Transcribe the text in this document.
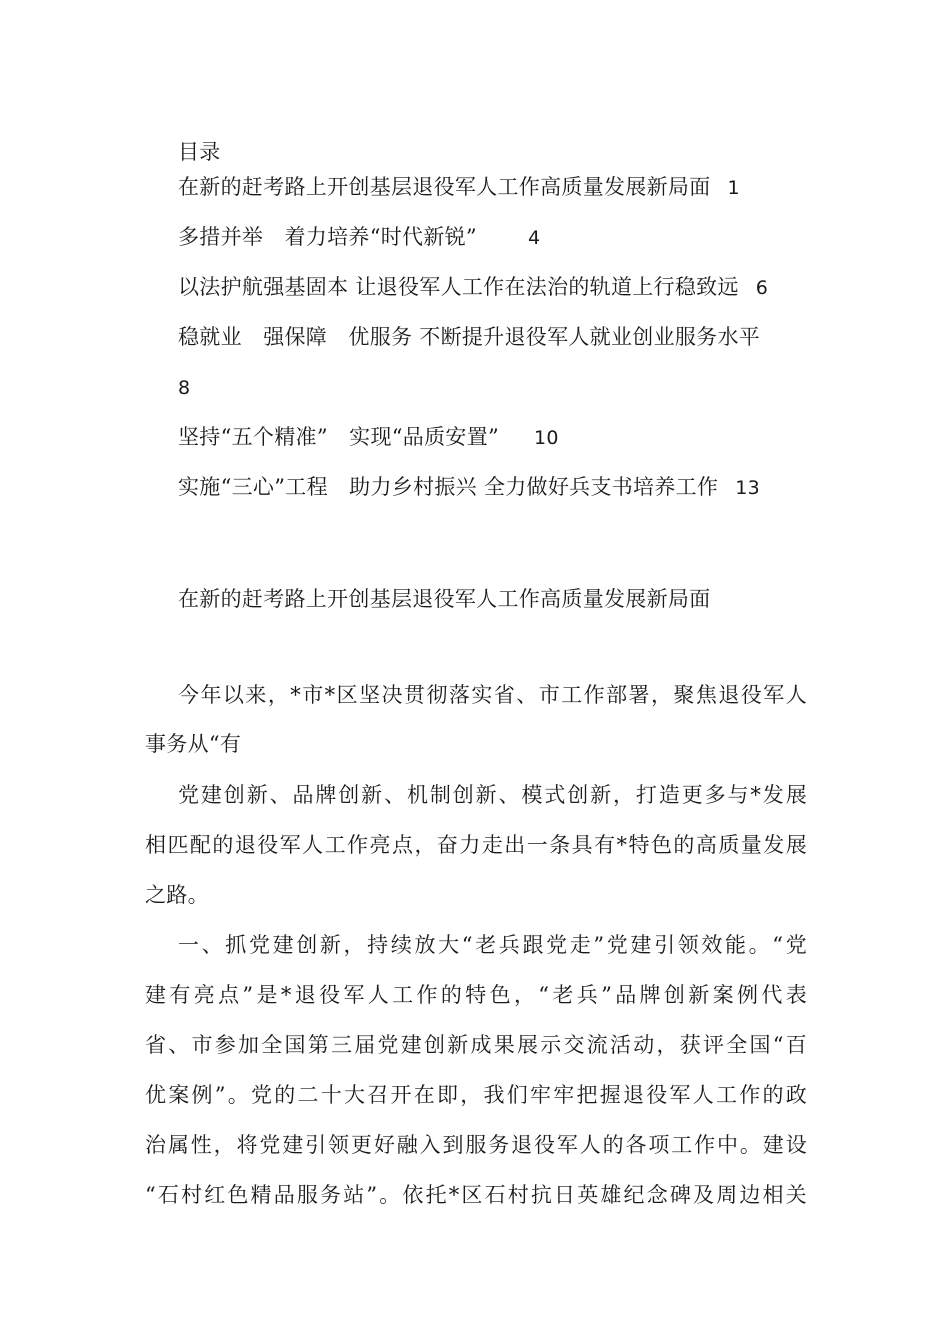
目录
在新的赶考路上开创基层退役军人工作高质量发展新局面 1
多措并举　着力培养“时代新锐”	4
以法护航强基固本 让退役军人工作在法治的轨道上行稳致远 6
稳就业　强保障　优服务 不断提升退役军人就业创业服务水平
8
坚持“五个精准”　实现“品质安置” 10
实施“三心”工程　助力乡村振兴 全力做好兵支书培养工作 13
在新的赶考路上开创基层退役军人工作高质量发展新局面
今年以来，*市*区坚决贯彻落实省、市工作部署，聚焦退役军人
事务从“有
党建创新、品牌创新、机制创新、模式创新，打造更多与*发展
相匹配的退役军人工作亮点，奋力走出一条具有*特色的高质量发展
之路。
一、抓党建创新，持续放大“老兵跟党走”党建引领效能。“党
建有亮点”是*退役军人工作的特色，“老兵”品牌创新案例代表
省、市参加全国第三届党建创新成果展示交流活动，获评全国“百
优案例”。党的二十大召开在即，我们牢牢把握退役军人工作的政
治属性，将党建引领更好融入到服务退役军人的各项工作中。建设
“石村红色精品服务站”。依托*区石村抗日英雄纪念碑及周边相关
